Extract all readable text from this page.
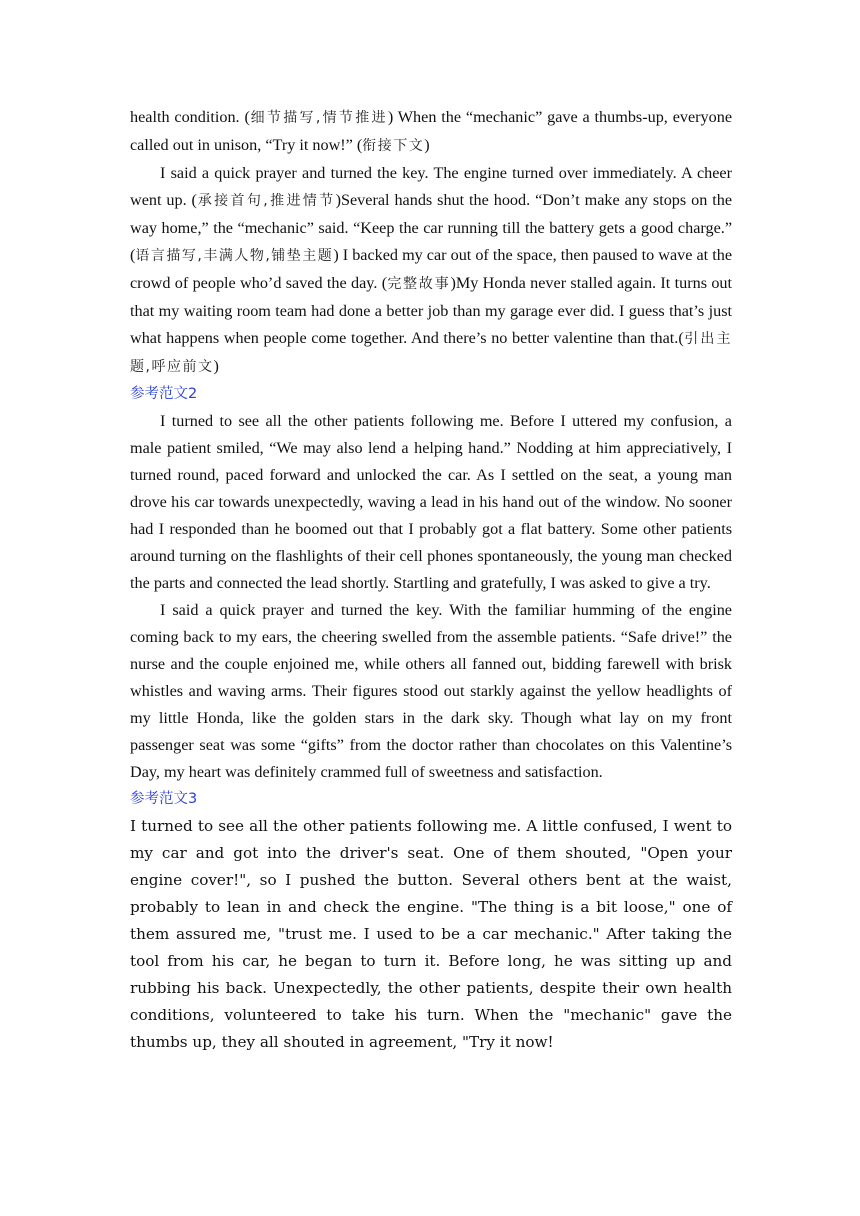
health condition. (细节描写,情节推进) When the “mechanic” gave a thumbs-up, everyone called out in unison, “Try it now!” (衔接下文)

I said a quick prayer and turned the key. The engine turned over immediately. A cheer went up. (承接首句,推进情节)Several hands shut the hood. “Don’t make any stops on the way home,” the “mechanic” said. “Keep the car running till the battery gets a good charge.” (语言描写,丰满人物,铺垫主题) I backed my car out of the space, then paused to wave at the crowd of people who’d saved the day. (完整故事)My Honda never stalled again. It turns out that my waiting room team had done a better job than my garage ever did. I guess that’s just what happens when people come together. And there’s no better valentine than that.(引出主题,呼应前文)

参考范文2

I turned to see all the other patients following me. Before I uttered my confusion, a male patient smiled, “We may also lend a helping hand.” Nodding at him appreciatively, I turned round, paced forward and unlocked the car. As I settled on the seat, a young man drove his car towards unexpectedly, waving a lead in his hand out of the window. No sooner had I responded than he boomed out that I probably got a flat battery. Some other patients around turning on the flashlights of their cell phones spontaneously, the young man checked the parts and connected the lead shortly. Startling and gratefully, I was asked to give a try.

I said a quick prayer and turned the key. With the familiar humming of the engine coming back to my ears, the cheering swelled from the assemble patients. “Safe drive!” the nurse and the couple enjoined me, while others all fanned out, bidding farewell with brisk whistles and waving arms. Their figures stood out starkly against the yellow headlights of my little Honda, like the golden stars in the dark sky. Though what lay on my front passenger seat was some “gifts” from the doctor rather than chocolates on this Valentine’s Day, my heart was definitely crammed full of sweetness and satisfaction.

参考范文3

I turned to see all the other patients following me. A little confused, I went to my car and got into the driver's seat. One of them shouted, "Open your engine cover!", so I pushed the button. Several others bent at the waist, probably to lean in and check the engine. "The thing is a bit loose," one of them assured me, "trust me. I used to be a car mechanic." After taking the tool from his car, he began to turn it. Before long, he was sitting up and rubbing his back. Unexpectedly, the other patients, despite their own health conditions, volunteered to take his turn. When the "mechanic" gave the thumbs up, they all shouted in agreement, "Try it now!
